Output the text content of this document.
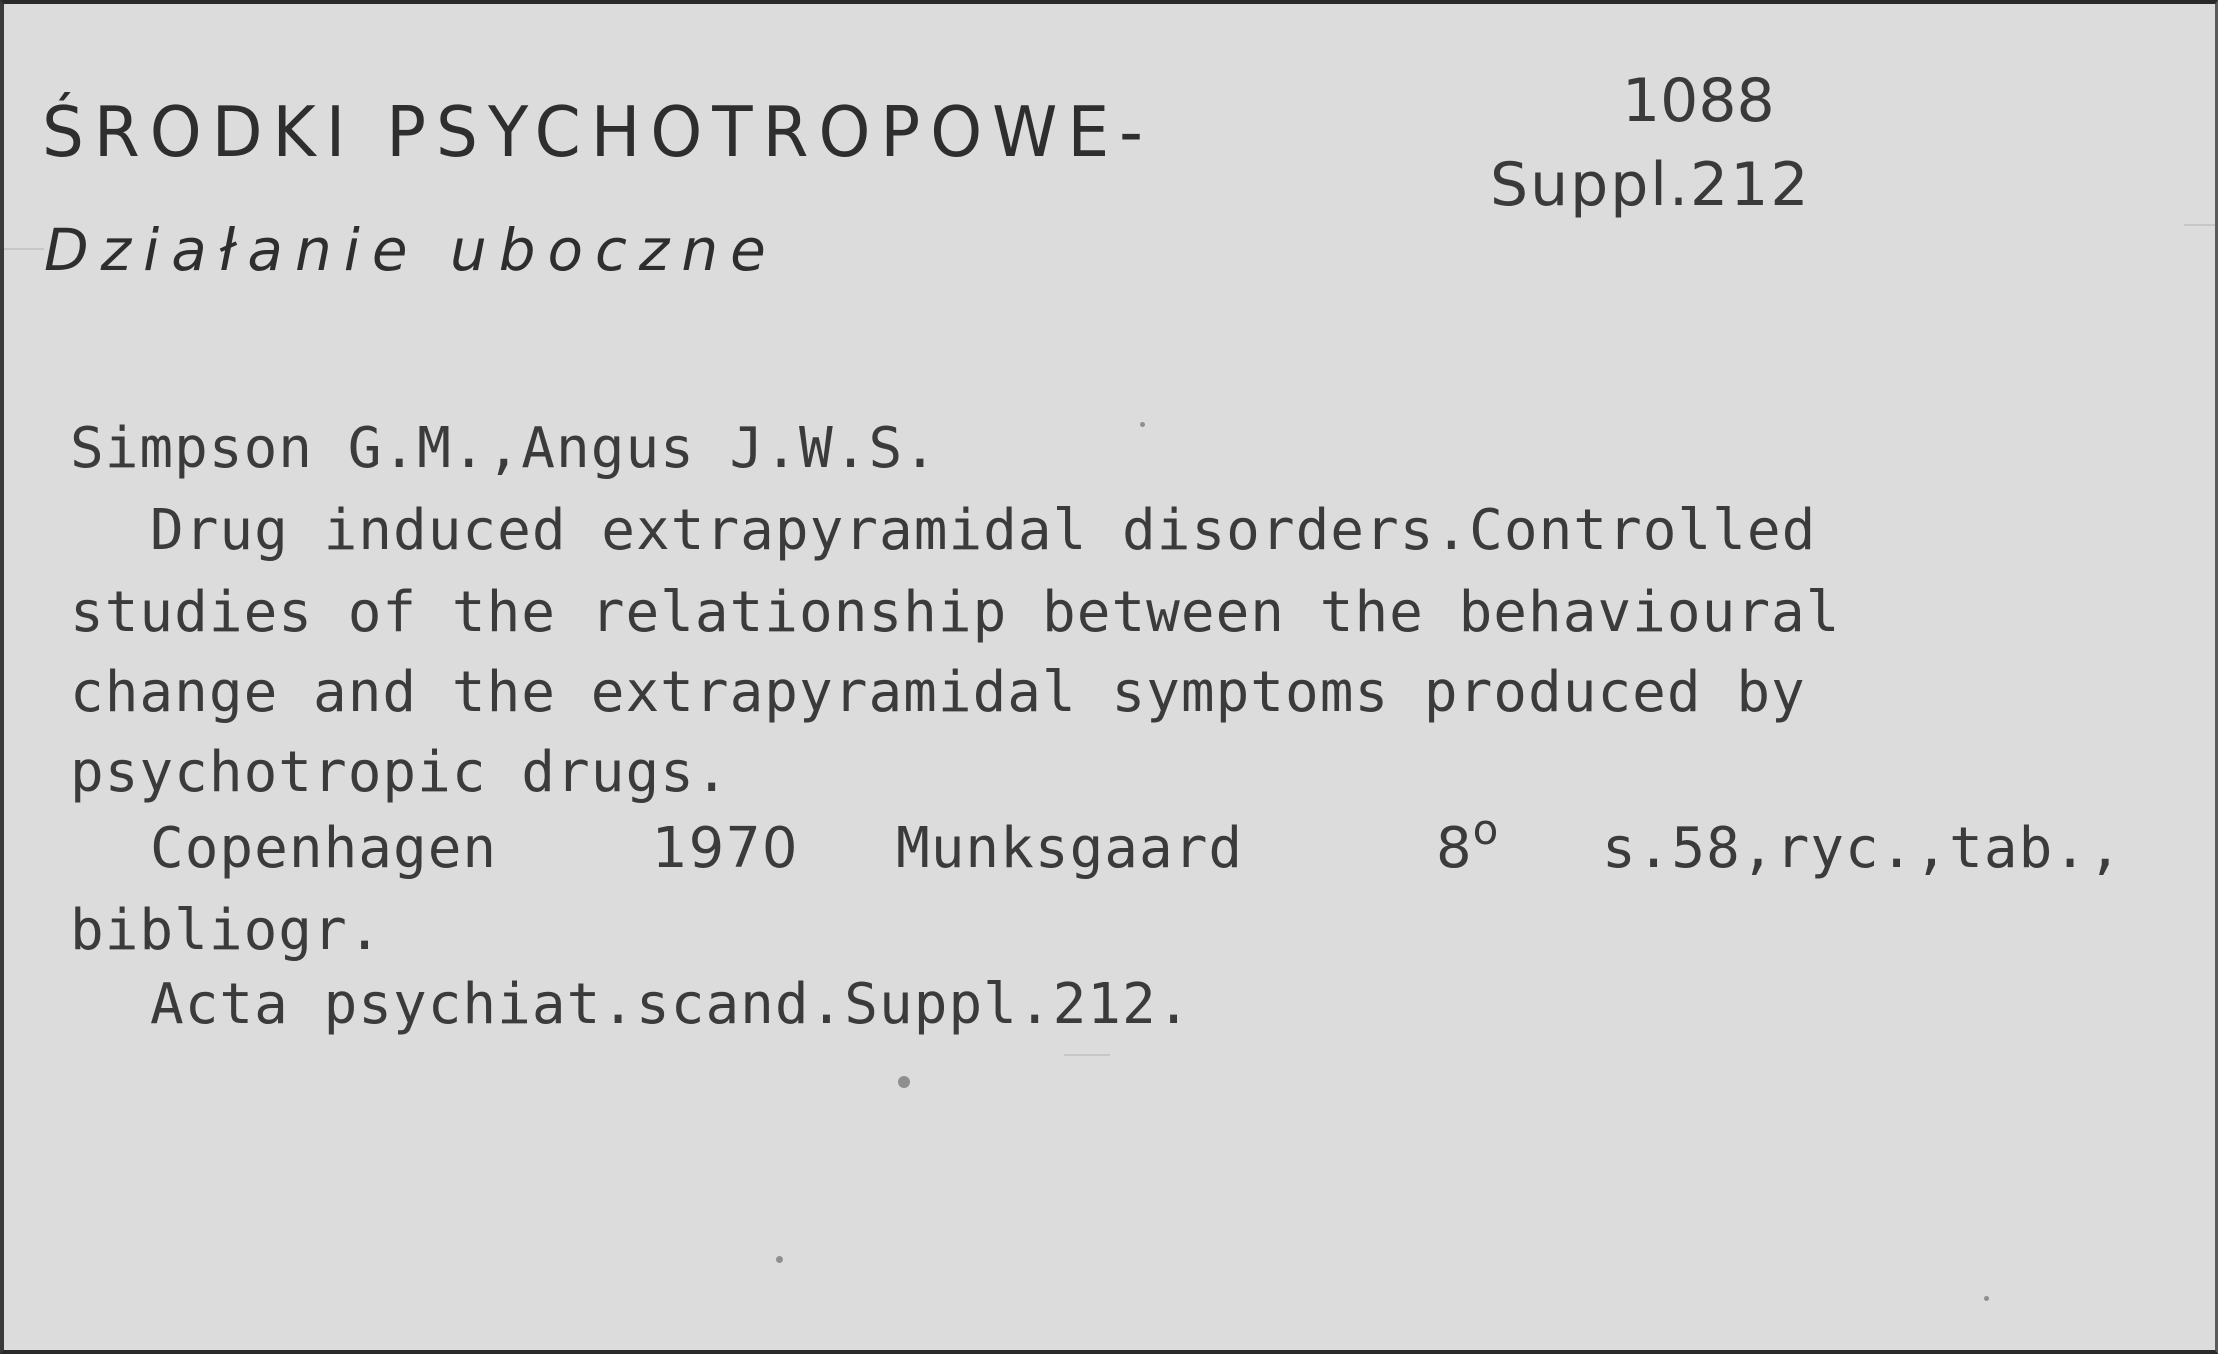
ŚRODKI PSYCHOTROPOWE-
Działanie uboczne
1088
Suppl.212
Simpson G.M.,Angus J.W.S.
Drug induced extrapyramidal disorders.Controlled
studies of the relationship between the behavioural
change and the extrapyramidal symptoms produced by
psychotropic drugs.
Copenhagen	1970 Munksgaard	8$^o$ s.58,ryc.,tab.,
bibliogr.
Acta psychiat.scand.Suppl.212.
